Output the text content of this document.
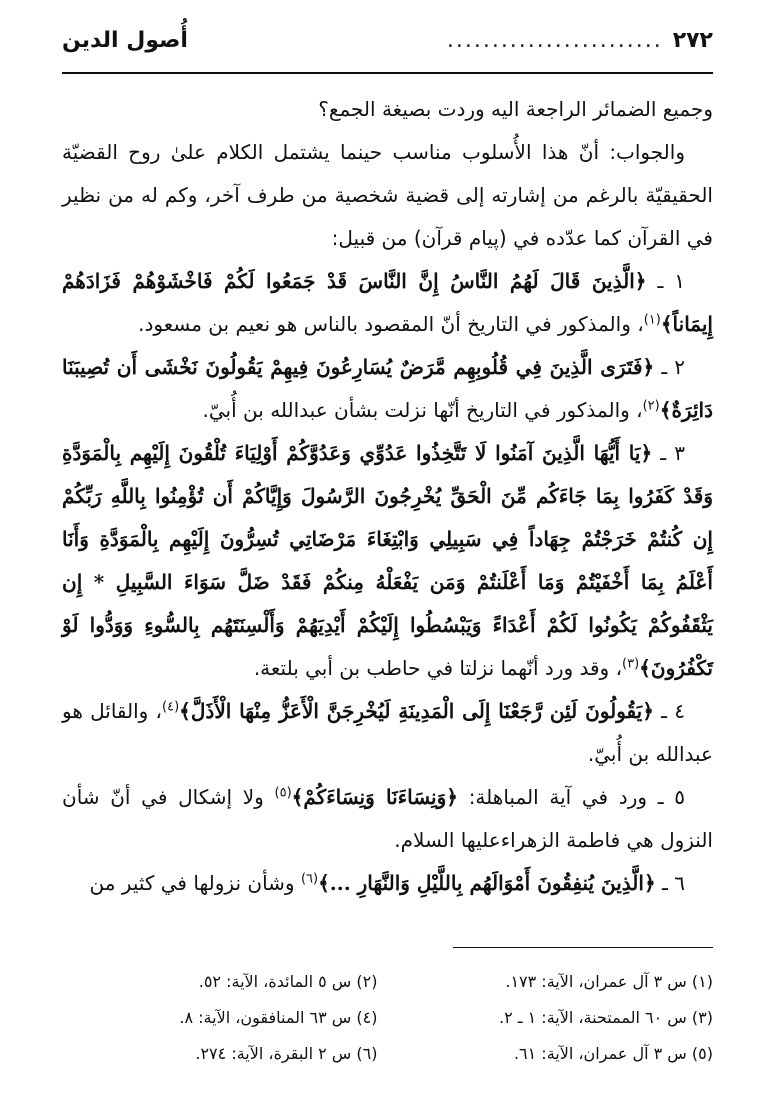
٢٧٢
........................
أُصول الدين

وجميع الضمائر الراجعة اليه وردت بصيغة الجمع؟

والجواب: أنّ هذا الأُسلوب مناسب حينما يشتمل الكلام علىٰ روح القضيّة الحقيقيّة بالرغم من إشارته إلى قضية شخصية من طرف آخر، وكم له من نظير في القرآن كما عدّده في (پيام قرآن) من قبيل:

١ ـ ﴿الَّذِينَ قَالَ لَهُمُ النَّاسُ إِنَّ النَّاسَ قَدْ جَمَعُوا لَكُمْ فَاخْشَوْهُمْ فَزَادَهُمْ إِيمَاناً﴾$^{(١)}$، والمذكور في التاريخ أنّ المقصود بالناس هو نعيم بن مسعود.

٢ ـ ﴿فَتَرَى الَّذِينَ فِي قُلُوبِهِم مَّرَضٌ يُسَارِعُونَ فِيهِمْ يَقُولُونَ نَخْشَى أَن تُصِيبَنَا دَائِرَةٌ﴾$^{(٢)}$، والمذكور في التاريخ أنّها نزلت بشأن عبدالله بن أُبيّ.

٣ ـ ﴿يَا أَيُّهَا الَّذِينَ آمَنُوا لَا تَتَّخِذُوا عَدُوِّي وَعَدُوَّكُمْ أَوْلِيَاءَ تُلْقُونَ إِلَيْهِم بِالْمَوَدَّةِ وَقَدْ كَفَرُوا بِمَا جَاءَكُم مِّنَ الْحَقِّ يُخْرِجُونَ الرَّسُولَ وَإِيَّاكُمْ أَن تُؤْمِنُوا بِاللَّهِ رَبِّكُمْ إِن كُنتُمْ خَرَجْتُمْ جِهَاداً فِي سَبِيلِي وَابْتِغَاءَ مَرْضَاتِي تُسِرُّونَ إِلَيْهِم بِالْمَوَدَّةِ وَأَنَا أَعْلَمُ بِمَا أَخْفَيْتُمْ وَمَا أَعْلَنتُمْ وَمَن يَفْعَلْهُ مِنكُمْ فَقَدْ ضَلَّ سَوَاءَ السَّبِيلِ * إِن يَثْقَفُوكُمْ يَكُونُوا لَكُمْ أَعْدَاءً وَيَبْسُطُوا إِلَيْكُمْ أَيْدِيَهُمْ وَأَلْسِنَتَهُم بِالسُّوءِ وَوَدُّوا لَوْ تَكْفُرُونَ﴾$^{(٣)}$، وقد ورد أنّهما نزلتا في حاطب بن أبي بلتعة.

٤ ـ ﴿يَقُولُونَ لَئِن رَّجَعْنَا إِلَى الْمَدِينَةِ لَيُخْرِجَنَّ الْأَعَزُّ مِنْهَا الْأَذَلَّ﴾$^{(٤)}$، والقائل هو عبدالله بن أُبيّ.

٥ ـ ورد في آية المباهلة: ﴿وَنِسَاءَنَا وَنِسَاءَكُمْ﴾$^{(٥)}$ ولا إشكال في أنّ شأن النزول هي فاطمة الزهراءعليها السلام.

٦ ـ ﴿الَّذِينَ يُنفِقُونَ أَمْوَالَهُم بِاللَّيْلِ وَالنَّهَارِ ...﴾$^{(٦)}$ وشأن نزولها في كثير من

(١) س ٣ آل عمران، الآية: ١٧٣.
(٢) س ٥ المائدة، الآية: ٥٢.
(٣) س ٦٠ الممتحنة، الآية: ١ ـ ٢.
(٤) س ٦٣ المنافقون، الآية: ٨.
(٥) س ٣ آل عمران، الآية: ٦١.
(٦) س ٢ البقرة، الآية: ٢٧٤.
